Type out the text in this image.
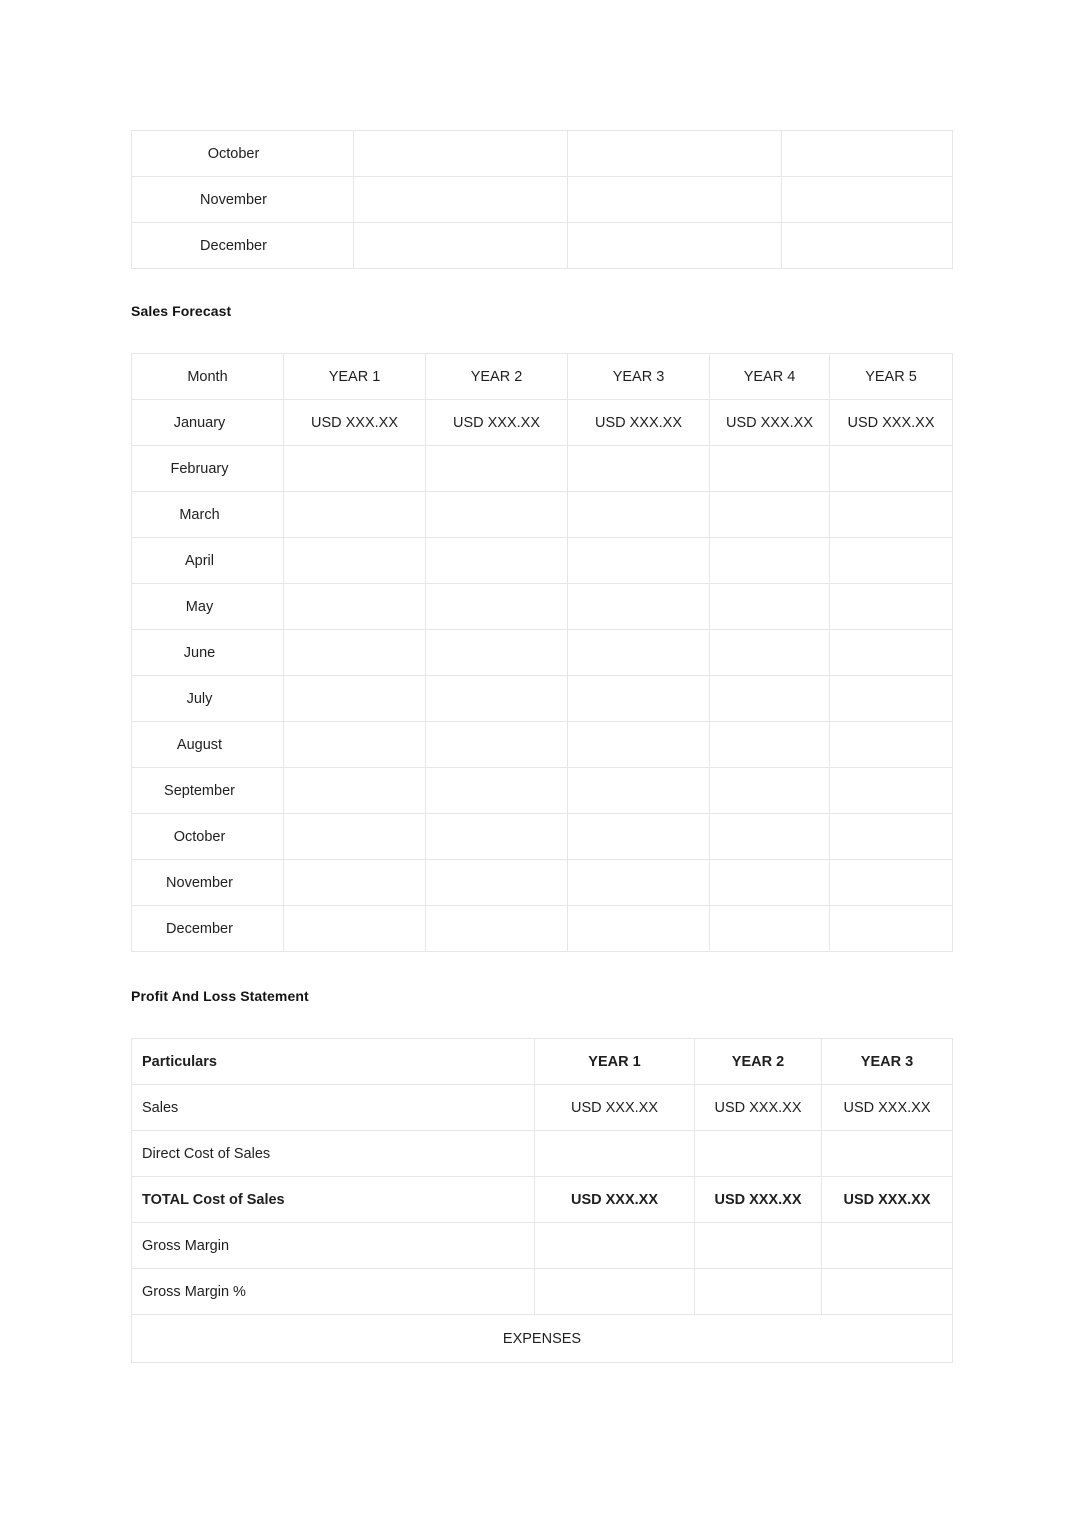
October			
November			
December			
Sales Forecast
Month	YEAR 1	YEAR 2	YEAR 3	YEAR 4	YEAR 5
January	USD XXX.XX	USD XXX.XX	USD XXX.XX	USD XXX.XX	USD XXX.XX
February					
March					
April					
May					
June					
July					
August					
September					
October					
November					
December					
Profit And Loss Statement
Particulars	YEAR 1	YEAR 2	YEAR 3
Sales	USD XXX.XX	USD XXX.XX	USD XXX.XX
Direct Cost of Sales			
TOTAL Cost of Sales	USD XXX.XX	USD XXX.XX	USD XXX.XX
Gross Margin			
Gross Margin %			
EXPENSES			
